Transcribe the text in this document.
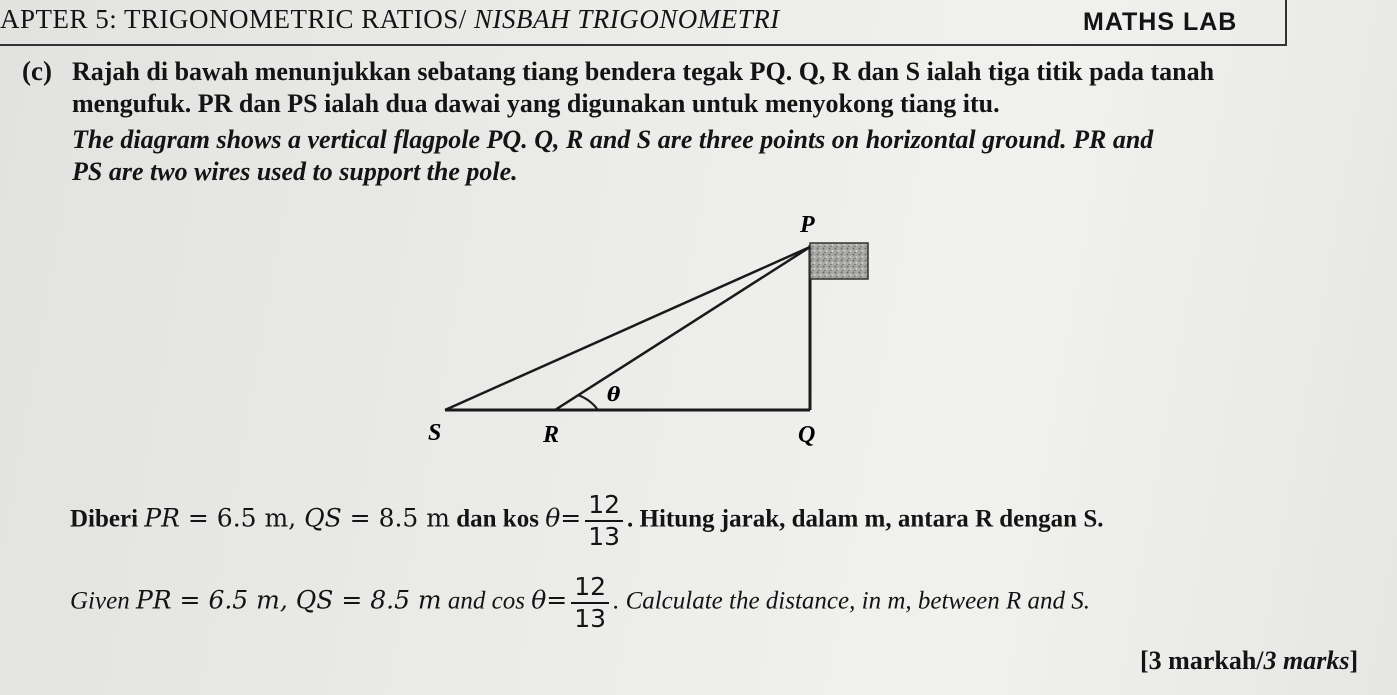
APTER 5: TRIGONOMETRIC RATIOS/ NISBAH TRIGONOMETRI	MATHS LAB
(c) Rajah di bawah menunjukkan sebatang tiang bendera tegak PQ. Q, R dan S ialah tiga titik pada tanah
mengufuk. PR dan PS ialah dua dawai yang digunakan untuk menyokong tiang itu.
The diagram shows a vertical flagpole PQ. Q, R and S are three points on horizontal ground. PR and
PS are two wires used to support the pole.
θ
P
S	R	Q
Diberi PR = 6.5 m, QS = 8.5 m dan kos $\theta= \frac{12}{13}$ . Hitung jarak, dalam m, antara R dengan S.
Given PR = 6.5 m, QS = 8.5 m and $\cos \theta= \frac{12}{13}$ . Calculate the distance, in m, between R and S.
[3 markah/3 marks]
